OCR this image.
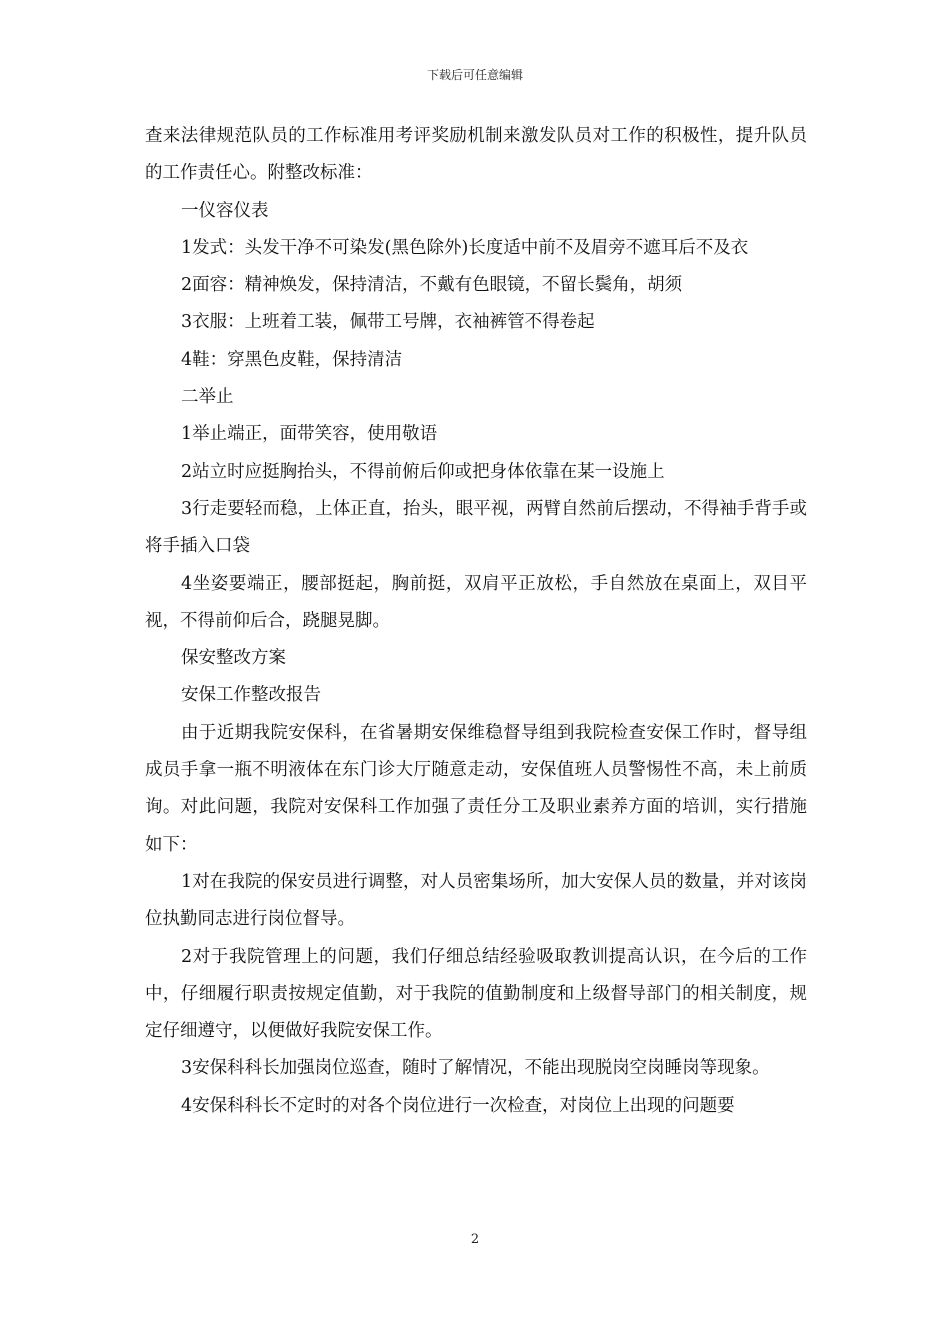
下载后可任意编辑

查来法律规范队员的工作标准用考评奖励机制来激发队员对工作的积极性，提升队员的工作责任心。附整改标准：

一仪容仪表

1发式：头发干净不可染发(黑色除外)长度适中前不及眉旁不遮耳后不及衣

2面容：精神焕发，保持清洁，不戴有色眼镜，不留长鬓角，胡须

3衣服：上班着工装，佩带工号牌，衣袖裤管不得卷起

4鞋：穿黑色皮鞋，保持清洁

二举止

1举止端正，面带笑容，使用敬语

2站立时应挺胸抬头，不得前俯后仰或把身体依靠在某一设施上

3行走要轻而稳，上体正直，抬头，眼平视，两臂自然前后摆动，不得袖手背手或将手插入口袋

4坐姿要端正，腰部挺起，胸前挺，双肩平正放松，手自然放在桌面上，双目平视，不得前仰后合，跷腿晃脚。

保安整改方案

安保工作整改报告

由于近期我院安保科，在省暑期安保维稳督导组到我院检查安保工作时，督导组成员手拿一瓶不明液体在东门诊大厅随意走动，安保值班人员警惕性不高，未上前质询。对此问题，我院对安保科工作加强了责任分工及职业素养方面的培训，实行措施如下：

1对在我院的保安员进行调整，对人员密集场所，加大安保人员的数量，并对该岗位执勤同志进行岗位督导。

2对于我院管理上的问题，我们仔细总结经验吸取教训提高认识，在今后的工作中，仔细履行职责按规定值勤，对于我院的值勤制度和上级督导部门的相关制度，规定仔细遵守，以便做好我院安保工作。

3安保科科长加强岗位巡查，随时了解情况，不能出现脱岗空岗睡岗等现象。

4安保科科长不定时的对各个岗位进行一次检查，对岗位上出现的问题要

2
